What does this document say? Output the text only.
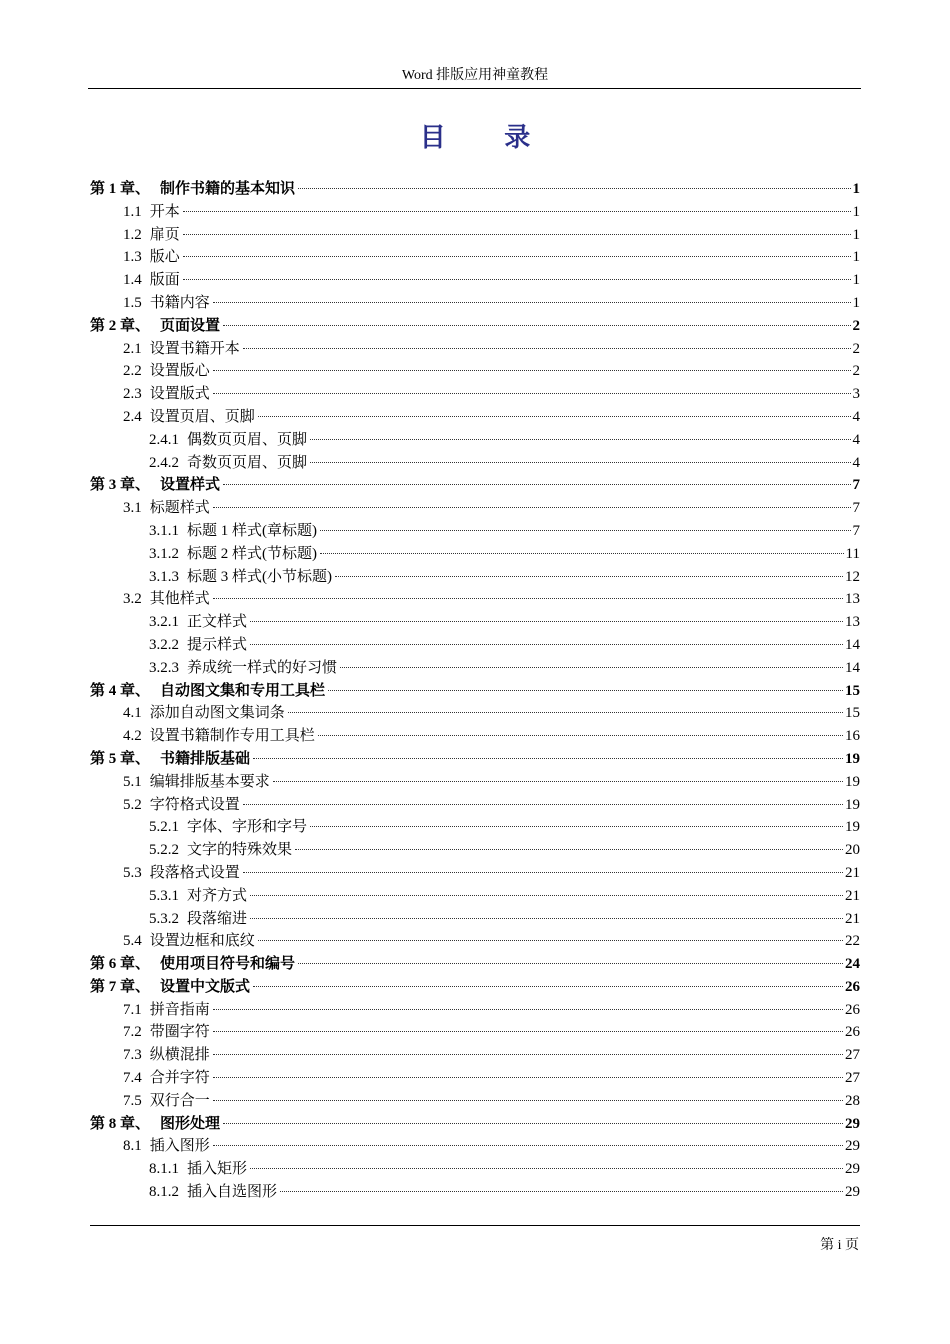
Word 排版应用神童教程
目 录
第 1 章、 制作书籍的基本知识	1
1.1 开本	1
1.2 扉页	1
1.3 版心	1
1.4 版面	1
1.5 书籍内容	1
第 2 章、 页面设置	2
2.1 设置书籍开本	2
2.2 设置版心	2
2.3 设置版式	3
2.4 设置页眉、页脚	4
2.4.1 偶数页页眉、页脚	4
2.4.2 奇数页页眉、页脚	4
第 3 章、 设置样式	7
3.1 标题样式	7
3.1.1 标题 1 样式(章标题)	7
3.1.2 标题 2 样式(节标题)	11
3.1.3 标题 3 样式(小节标题)	12
3.2 其他样式	13
3.2.1 正文样式	13
3.2.2 提示样式	14
3.2.3 养成统一样式的好习惯	14
第 4 章、 自动图文集和专用工具栏	15
4.1 添加自动图文集词条	15
4.2 设置书籍制作专用工具栏	16
第 5 章、 书籍排版基础	19
5.1 编辑排版基本要求	19
5.2 字符格式设置	19
5.2.1 字体、字形和字号	19
5.2.2 文字的特殊效果	20
5.3 段落格式设置	21
5.3.1 对齐方式	21
5.3.2 段落缩进	21
5.4 设置边框和底纹	22
第 6 章、 使用项目符号和编号	24
第 7 章、 设置中文版式	26
7.1 拼音指南	26
7.2 带圈字符	26
7.3 纵横混排	27
7.4 合并字符	27
7.5 双行合一	28
第 8 章、 图形处理	29
8.1 插入图形	29
8.1.1 插入矩形	29
8.1.2 插入自选图形	29
第 i 页
